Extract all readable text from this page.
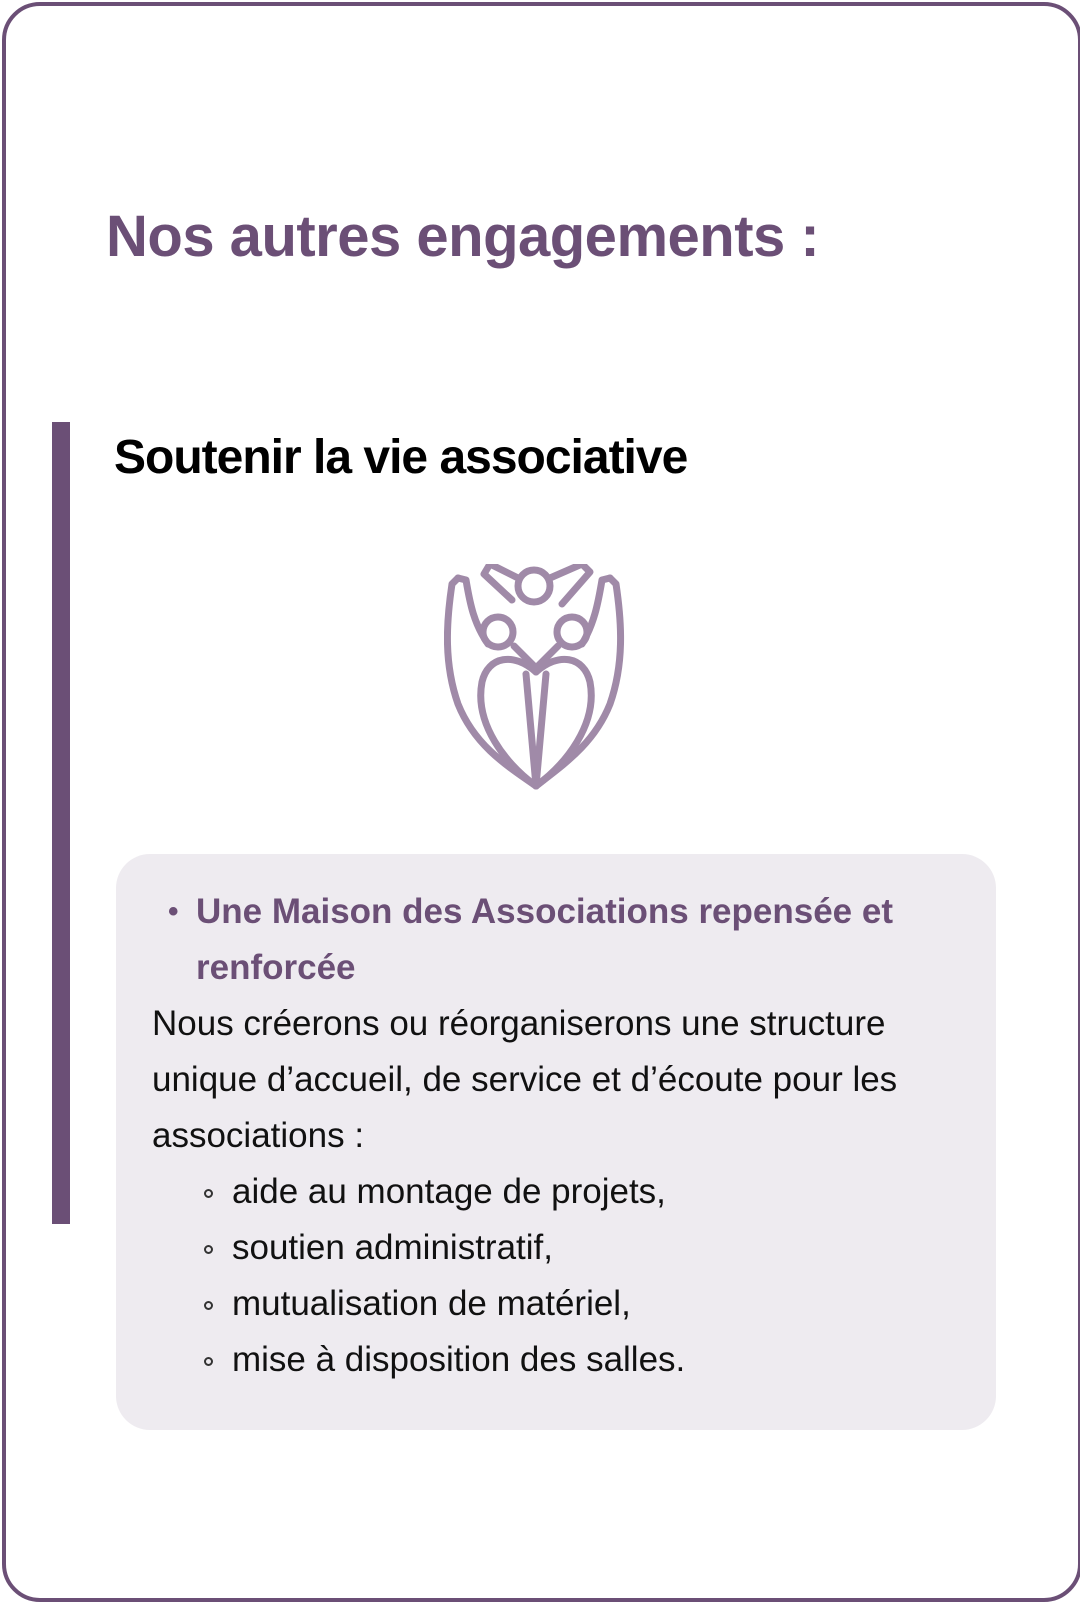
Nos autres engagements :
Soutenir la vie associative

• Une Maison des Associations repensée et renforcée

Nous créerons ou réorganiserons une structure unique d’accueil, de service et d’écoute pour les associations :

aide au montage de projets,
soutien administratif,
mutualisation de matériel,
mise à disposition des salles.
